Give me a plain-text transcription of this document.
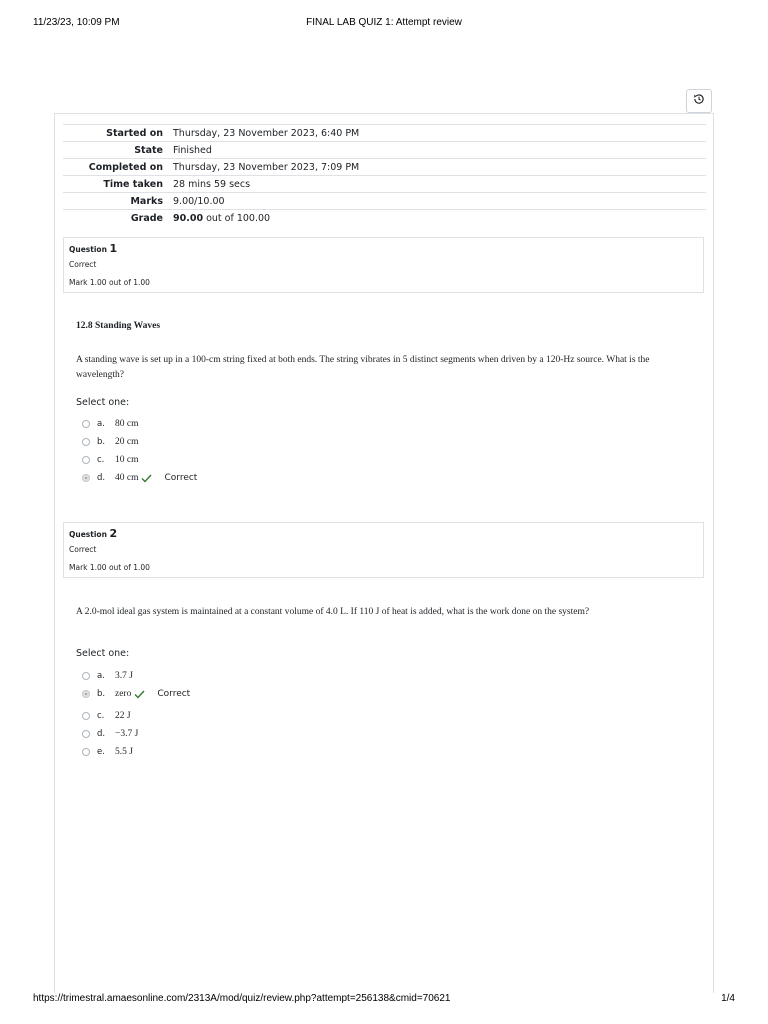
11/23/23, 10:09 PM	FINAL LAB QUIZ 1: Attempt review
Started on	Thursday, 23 November 2023, 6:40 PM
State	Finished
Completed on	Thursday, 23 November 2023, 7:09 PM
Time taken	28 mins 59 secs
Marks	9.00/10.00
Grade	90.00 out of 100.00
Question 1
Correct
Mark 1.00 out of 1.00
12.8 Standing Waves
A standing wave is set up in a 100-cm string fixed at both ends. The string vibrates in 5 distinct segments when driven by a 120-Hz source. What is the wavelength?
Select one:
a.	80 cm
b.	20 cm
c.	10 cm
d.	40 cm	Correct
Question 2
Correct
Mark 1.00 out of 1.00
A 2.0-mol ideal gas system is maintained at a constant volume of 4.0 L. If 110 J of heat is added, what is the work done on the system?
Select one:
a.	3.7 J
b.	zero	Correct
c.	22 J
d.	−3.7 J
e.	5.5 J
https://trimestral.amaesonline.com/2313A/mod/quiz/review.php?attempt=256138&cmid=70621	1/4
